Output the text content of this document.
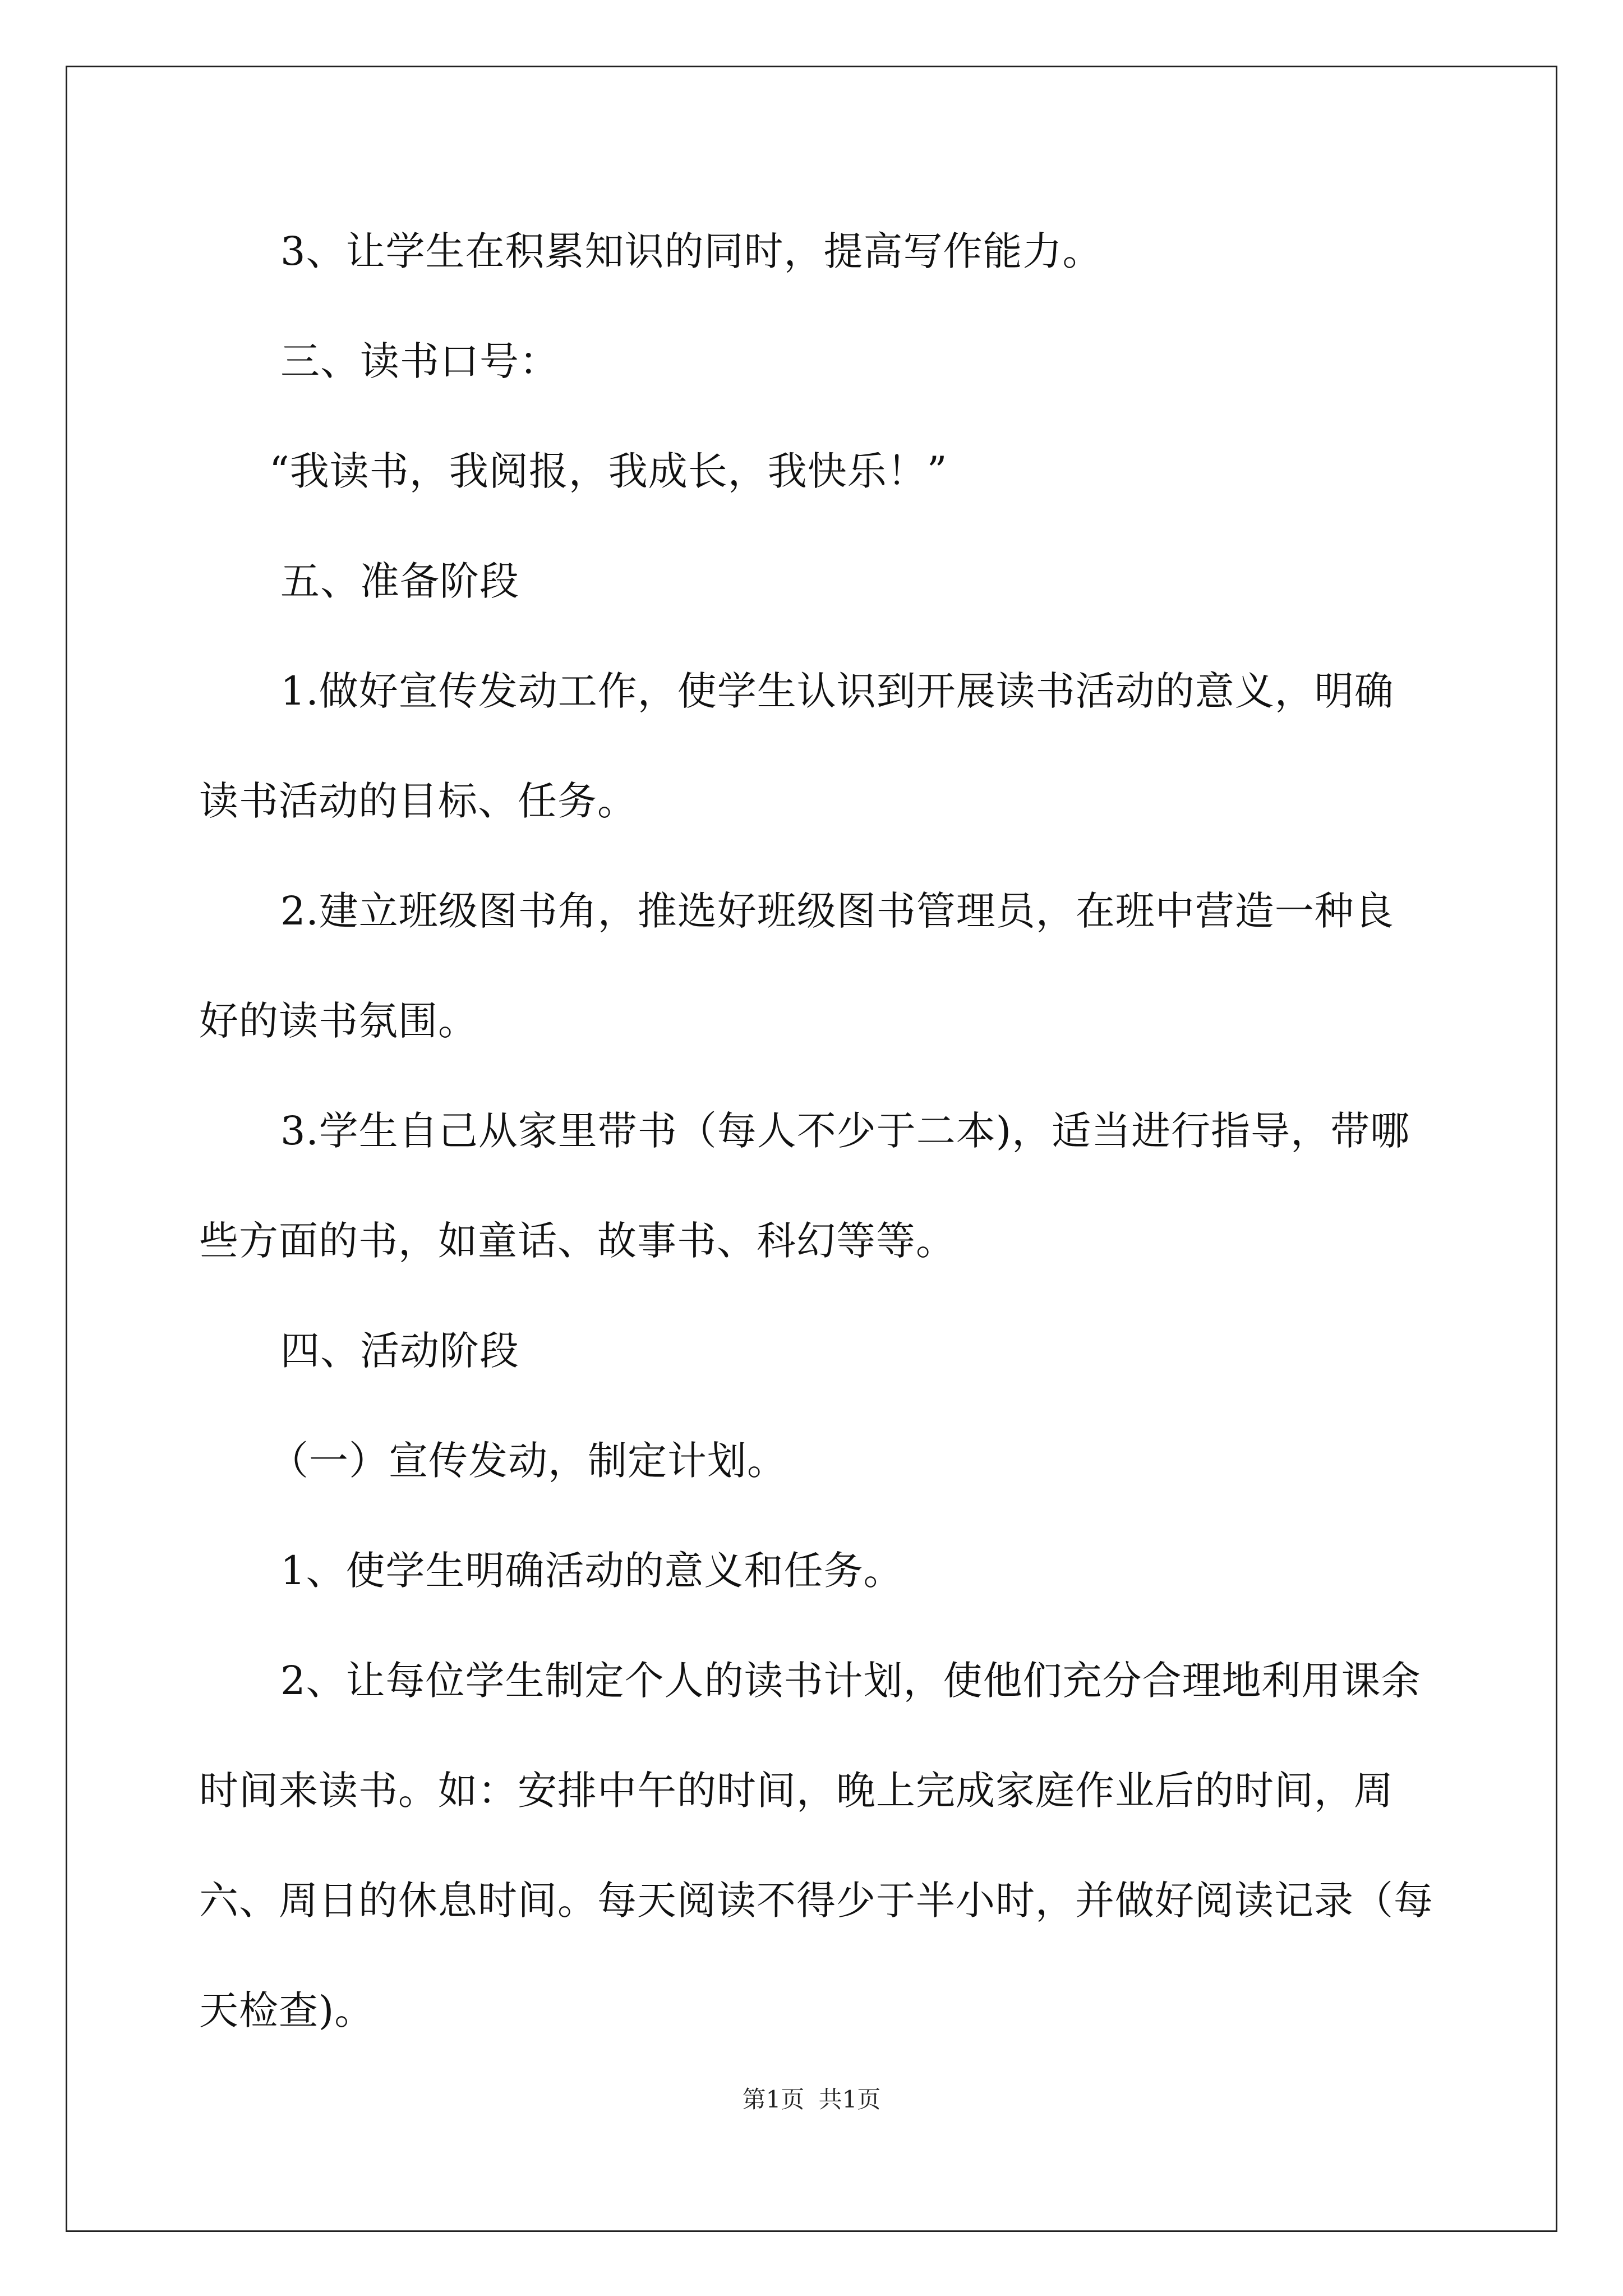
3、让学生在积累知识的同时，提高写作能力。
三、读书口号：
“我读书，我阅报，我成长，我快乐！”
五、准备阶段
1.做好宣传发动工作，使学生认识到开展读书活动的意义，明确
读书活动的目标、任务。
2.建立班级图书角，推选好班级图书管理员，在班中营造一种良
好的读书氛围。
3.学生自己从家里带书（每人不少于二本)，适当进行指导，带哪
些方面的书，如童话、故事书、科幻等等。
四、活动阶段
（一）宣传发动，制定计划。
1、使学生明确活动的意义和任务。
2、让每位学生制定个人的读书计划，使他们充分合理地利用课余
时间来读书。如：安排中午的时间，晚上完成家庭作业后的时间，周
六、周日的休息时间。每天阅读不得少于半小时，并做好阅读记录（每
天检查)。
第1页 共1页
